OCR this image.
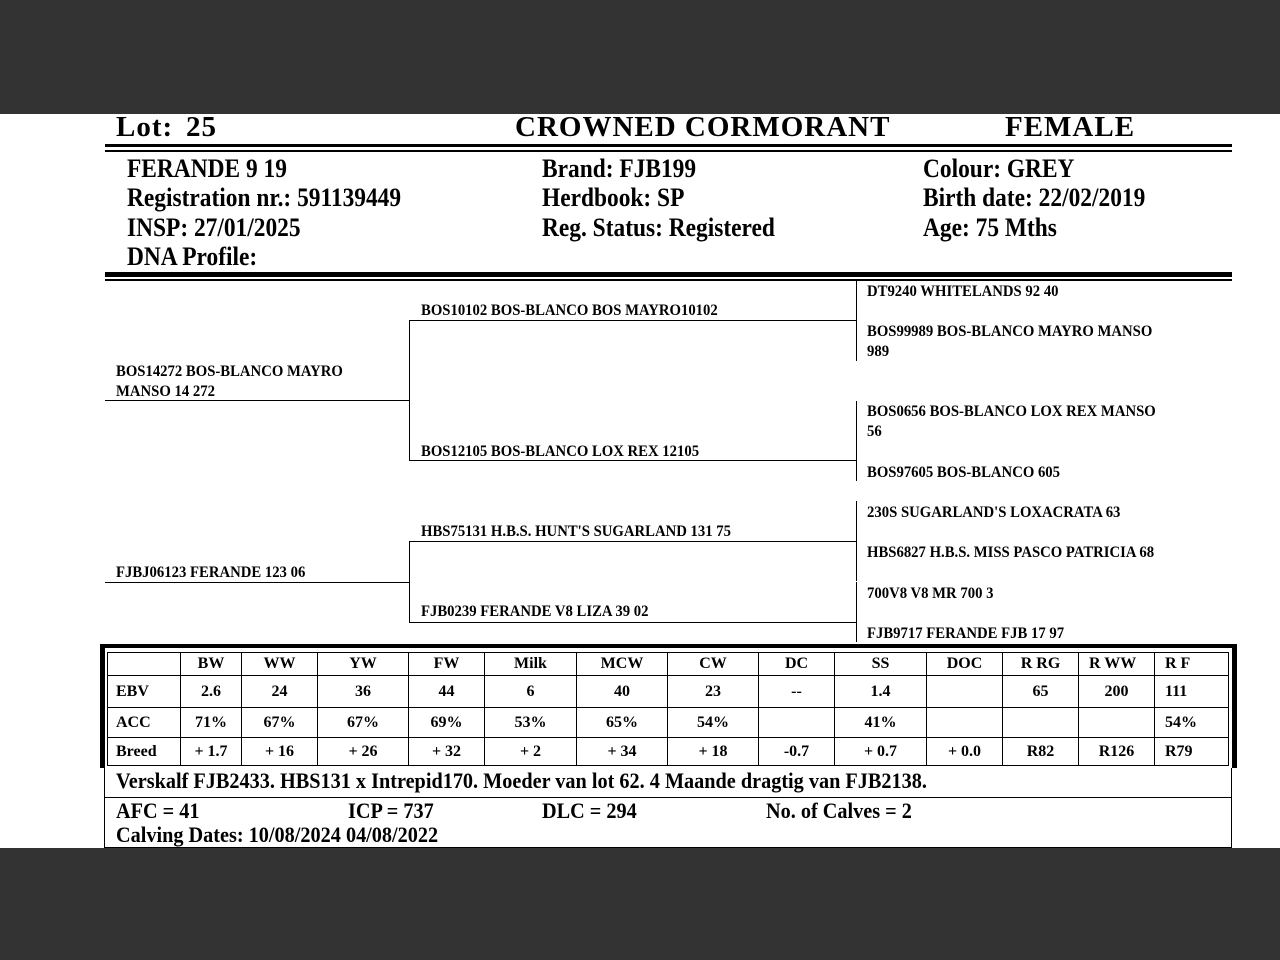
Lot: 25	CROWNED CORMORANT	FEMALE
FERANDE 9 19
Registration nr.: 591139449
INSP: 27/01/2025
DNA Profile:
Brand: FJB199
Herdbook: SP
Reg. Status: Registered
Colour: GREY
Birth date: 22/02/2019
Age: 75 Mths
BOS14272 BOS-BLANCO MAYRO
MANSO 14 272
FJBJ06123 FERANDE 123 06
BOS10102 BOS-BLANCO BOS MAYRO10102
BOS12105 BOS-BLANCO LOX REX 12105
HBS75131 H.B.S. HUNT'S SUGARLAND 131 75
FJB0239 FERANDE V8 LIZA 39 02
DT9240 WHITELANDS 92 40
BOS99989 BOS-BLANCO MAYRO MANSO
989
BOS0656 BOS-BLANCO LOX REX MANSO
56
BOS97605 BOS-BLANCO 605
230S SUGARLAND'S LOXACRATA 63
HBS6827 H.B.S. MISS PASCO PATRICIA 68
700V8 V8 MR 700 3
FJB9717 FERANDE FJB 17 97
	BW	WW	YW	FW	Milk	MCW	CW	DC	SS	DOC	R RG	R WW	R F
EBV	2.6	24	36	44	6	40	23	--	1.4		65	200	111
ACC	71%	67%	67%	69%	53%	65%	54%		41%				54%
Breed	+ 1.7	+ 16	+ 26	+ 32	+ 2	+ 34	+ 18	-0.7	+ 0.7	+ 0.0	R82	R126	R79
Verskalf FJB2433. HBS131 x Intrepid170. Moeder van lot 62. 4 Maande dragtig van FJB2138.
AFC = 41	ICP = 737	DLC = 294	No. of Calves = 2
Calving Dates: 10/08/2024 04/08/2022
